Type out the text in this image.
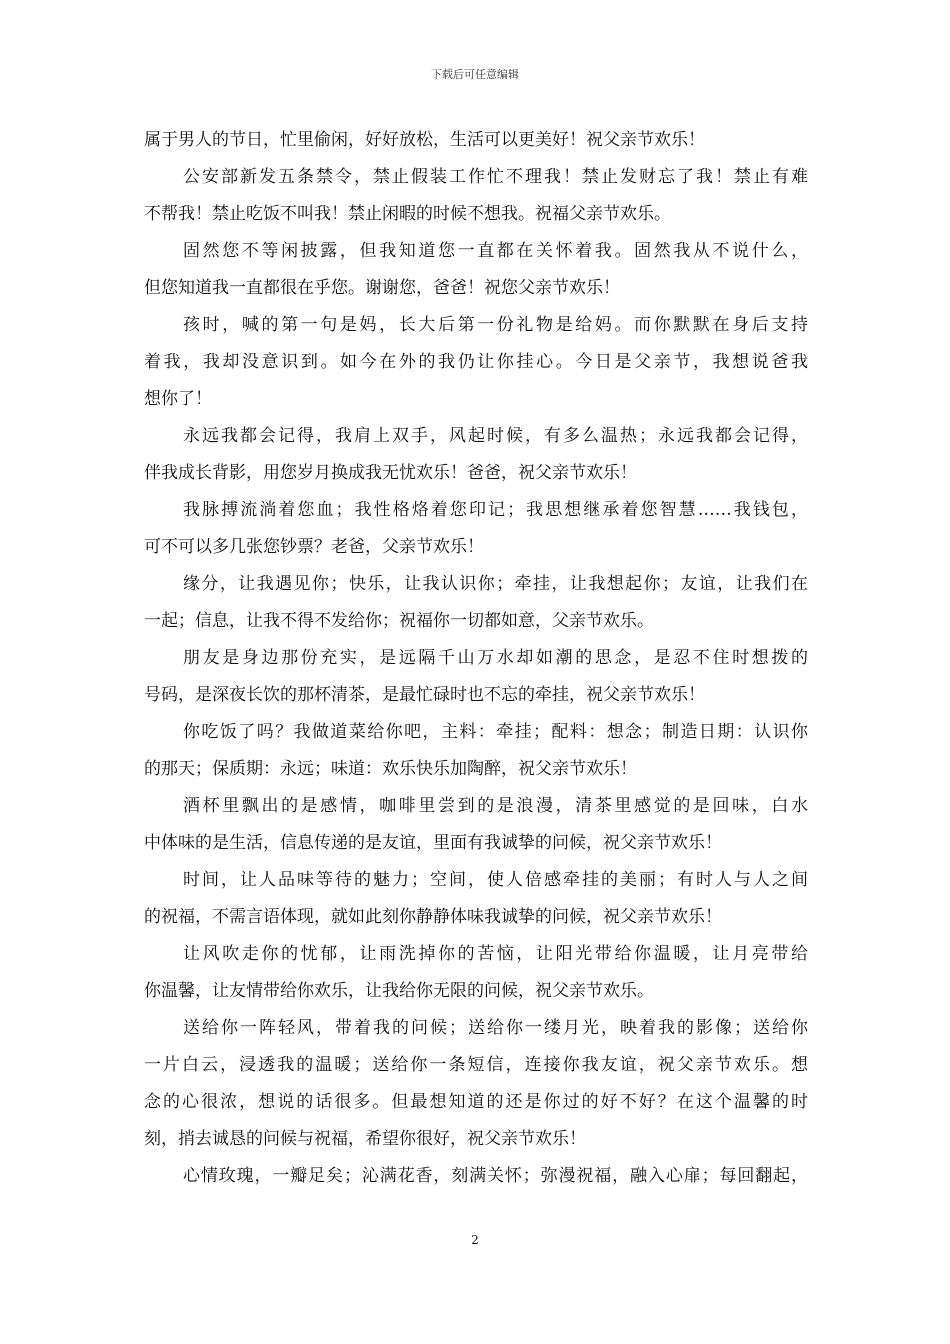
下载后可任意编辑
属于男人的节日，忙里偷闲，好好放松，生活可以更美好！祝父亲节欢乐！
公安部新发五条禁令，禁止假装工作忙不理我！禁止发财忘了我！禁止有难
不帮我！禁止吃饭不叫我！禁止闲暇的时候不想我。祝福父亲节欢乐。
固然您不等闲披露，但我知道您一直都在关怀着我。固然我从不说什么，
但您知道我一直都很在乎您。谢谢您，爸爸！祝您父亲节欢乐！
孩时，喊的第一句是妈，长大后第一份礼物是给妈。而你默默在身后支持
着我，我却没意识到。如今在外的我仍让你挂心。今日是父亲节，我想说爸我
想你了！
永远我都会记得，我肩上双手，风起时候，有多么温热；永远我都会记得，
伴我成长背影，用您岁月换成我无忧欢乐！爸爸，祝父亲节欢乐！
我脉搏流淌着您血；我性格烙着您印记；我思想继承着您智慧……我钱包，
可不可以多几张您钞票？老爸，父亲节欢乐！
缘分，让我遇见你；快乐，让我认识你；牵挂，让我想起你；友谊，让我们在
一起；信息，让我不得不发给你；祝福你一切都如意，父亲节欢乐。
朋友是身边那份充实，是远隔千山万水却如潮的思念，是忍不住时想拨的
号码，是深夜长饮的那杯清茶，是最忙碌时也不忘的牵挂，祝父亲节欢乐！
你吃饭了吗？我做道菜给你吧，主料：牵挂；配料：想念；制造日期：认识你
的那天；保质期：永远；味道：欢乐快乐加陶醉，祝父亲节欢乐！
酒杯里飘出的是感情，咖啡里尝到的是浪漫，清茶里感觉的是回味，白水
中体味的是生活，信息传递的是友谊，里面有我诚挚的问候，祝父亲节欢乐！
时间，让人品味等待的魅力；空间，使人倍感牵挂的美丽；有时人与人之间
的祝福，不需言语体现，就如此刻你静静体味我诚挚的问候，祝父亲节欢乐！
让风吹走你的忧郁，让雨洗掉你的苦恼，让阳光带给你温暖，让月亮带给
你温馨，让友情带给你欢乐，让我给你无限的问候，祝父亲节欢乐。
送给你一阵轻风，带着我的问候；送给你一缕月光，映着我的影像；送给你
一片白云，浸透我的温暖；送给你一条短信，连接你我友谊，祝父亲节欢乐。想
念的心很浓，想说的话很多。但最想知道的还是你过的好不好？在这个温馨的时
刻，捎去诚恳的问候与祝福，希望你很好，祝父亲节欢乐！
心情玫瑰，一瓣足矣；沁满花香，刻满关怀；弥漫祝福，融入心扉；每回翻起，
2
